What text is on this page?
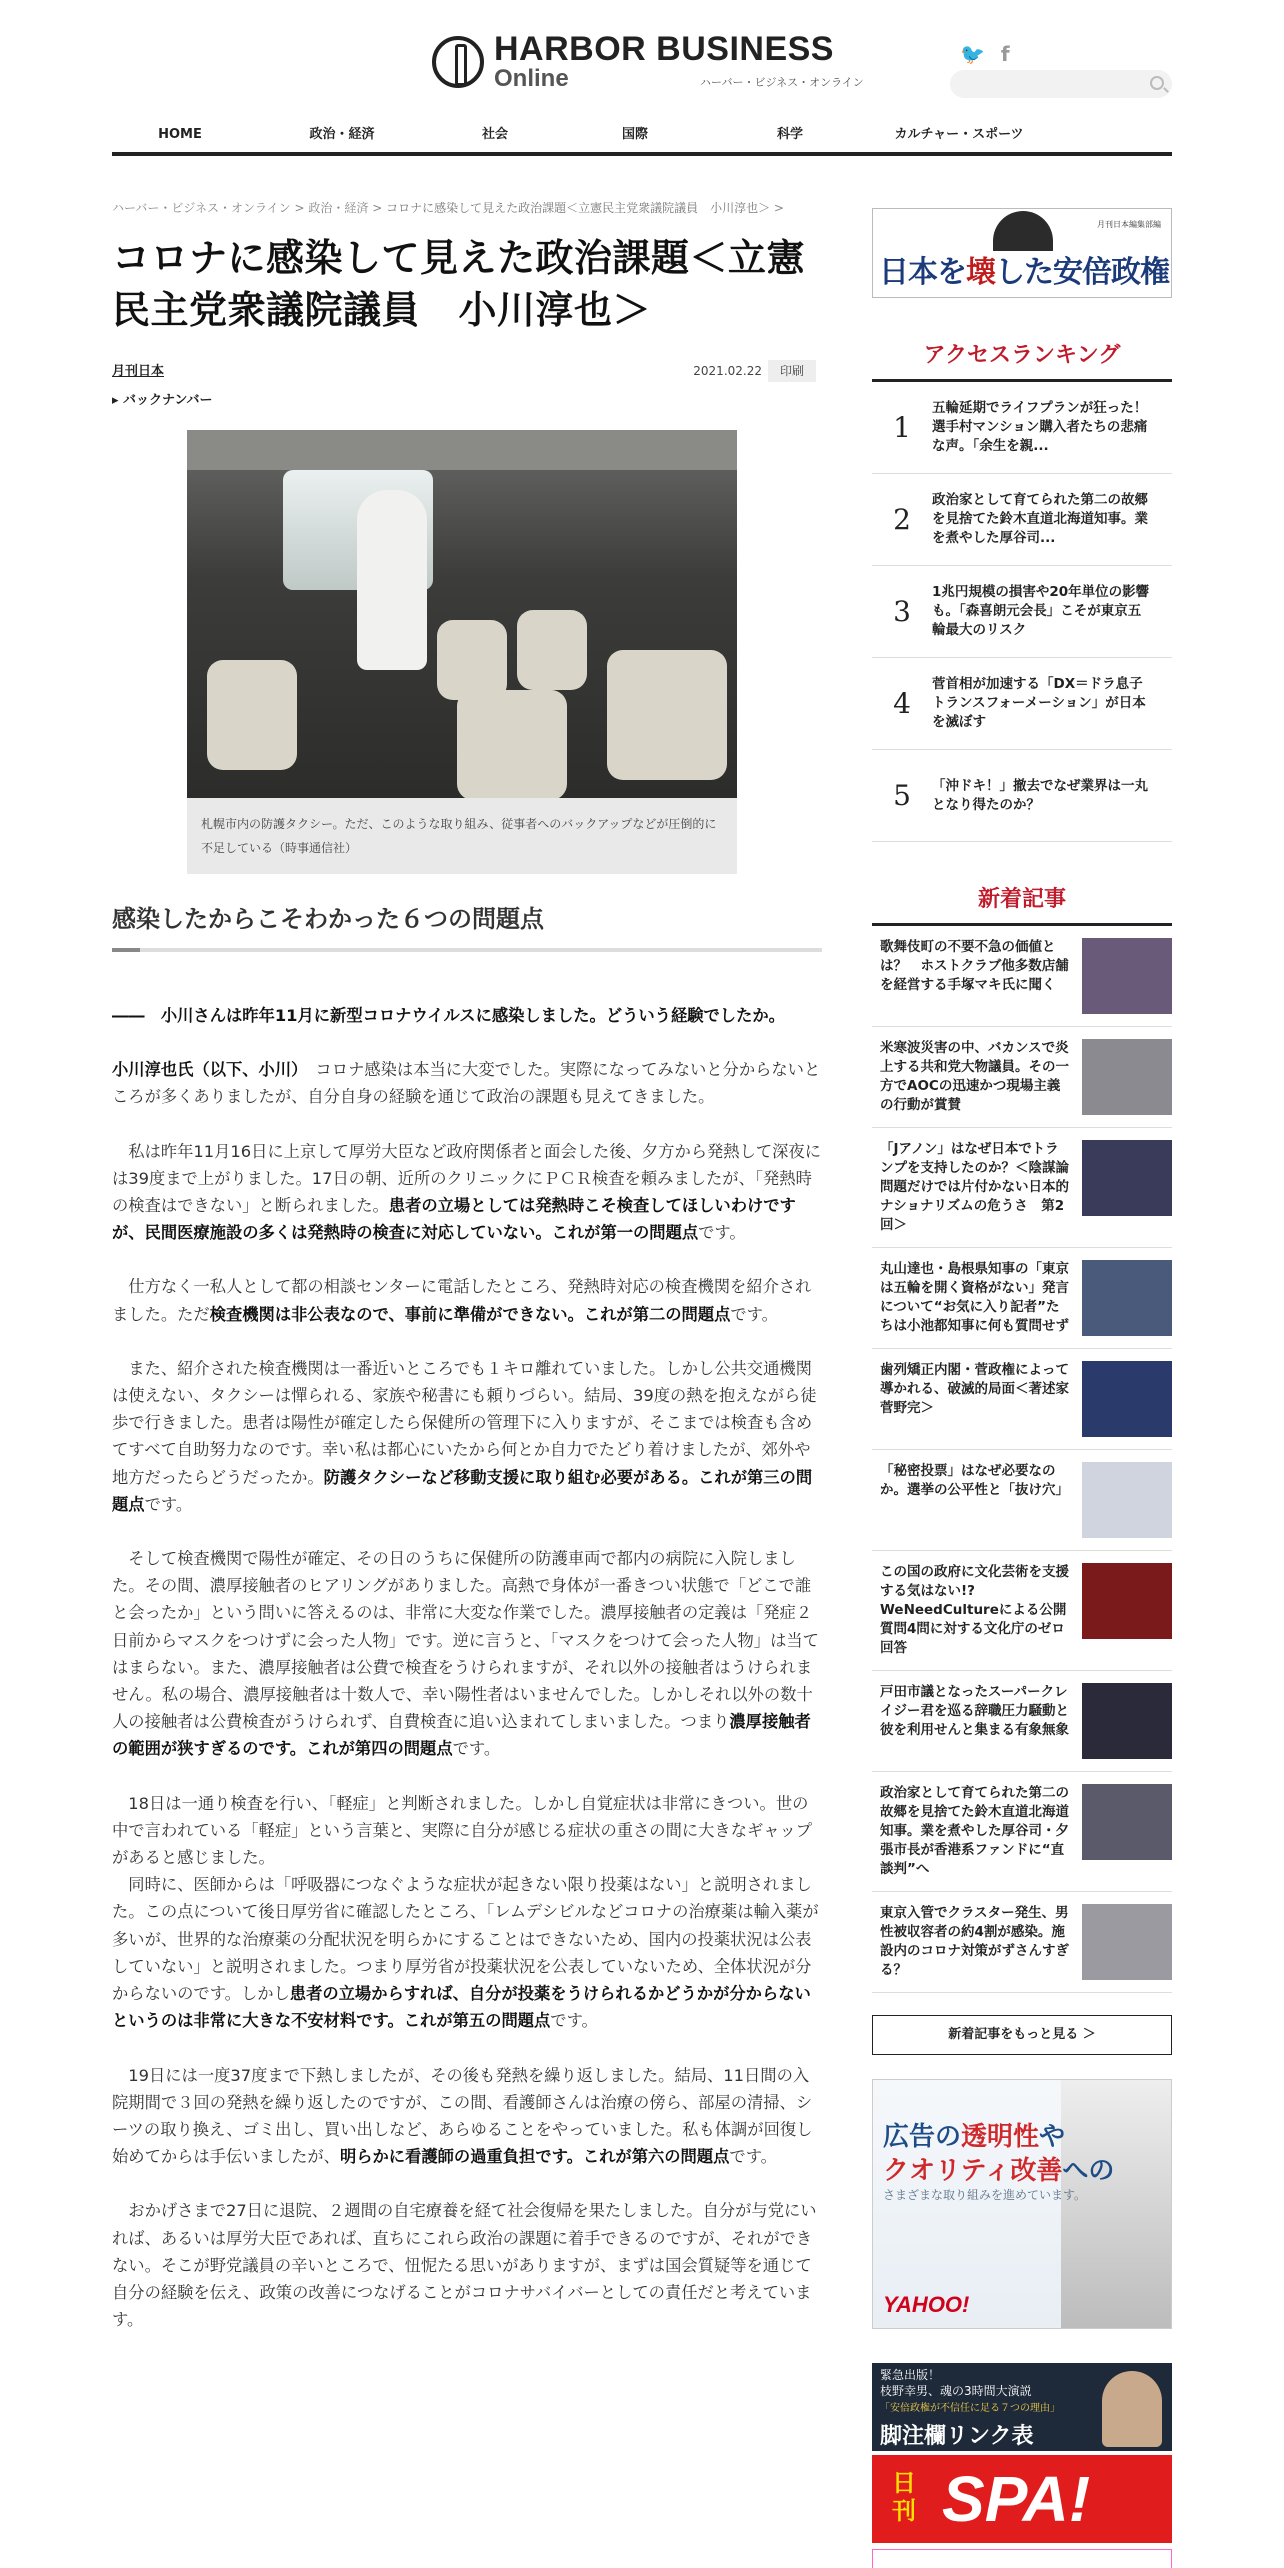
HARBOR BUSINESS
Online	ハーバー・ビジネス・オンライン
🐦 f
HOME	政治・経済	社会	国際	科学	カルチャー・スポーツ
ハーバー・ビジネス・オンライン > 政治・経済 > コロナに感染して見えた政治課題＜立憲民主党衆議院議員　小川淳也＞ >
コロナに感染して見えた政治課題＜立憲民主党衆議院議員　小川淳也＞
月刊日本
▸ バックナンバー
2021.02.22	印刷
札幌市内の防護タクシー。ただ、このような取り組み、従事者へのバックアップなどが圧倒的に不足している（時事通信社）
感染したからこそわかった６つの問題点

――　小川さんは昨年11月に新型コロナウイルスに感染しました。どういう経験でしたか。

小川淳也氏（以下、小川）　コロナ感染は本当に大変でした。実際になってみないと分からないところが多くありましたが、自分自身の経験を通じて政治の課題も見えてきました。

　私は昨年11月16日に上京して厚労大臣など政府関係者と面会した後、夕方から発熱して深夜には39度まで上がりました。17日の朝、近所のクリニックにＰＣＲ検査を頼みましたが、「発熱時の検査はできない」と断られました。患者の立場としては発熱時こそ検査してほしいわけですが、民間医療施設の多くは発熱時の検査に対応していない。これが第一の問題点です。

　仕方なく一私人として都の相談センターに電話したところ、発熱時対応の検査機関を紹介されました。ただ検査機関は非公表なので、事前に準備ができない。これが第二の問題点です。

　また、紹介された検査機関は一番近いところでも１キロ離れていました。しかし公共交通機関は使えない、タクシーは憚られる、家族や秘書にも頼りづらい。結局、39度の熱を抱えながら徒歩で行きました。患者は陽性が確定したら保健所の管理下に入りますが、そこまでは検査も含めてすべて自助努力なのです。幸い私は都心にいたから何とか自力でたどり着けましたが、郊外や地方だったらどうだったか。防護タクシーなど移動支援に取り組む必要がある。これが第三の問題点です。

　そして検査機関で陽性が確定、その日のうちに保健所の防護車両で都内の病院に入院しました。その間、濃厚接触者のヒアリングがありました。高熱で身体が一番きつい状態で「どこで誰と会ったか」という問いに答えるのは、非常に大変な作業でした。濃厚接触者の定義は「発症２日前からマスクをつけずに会った人物」です。逆に言うと、「マスクをつけて会った人物」は当てはまらない。また、濃厚接触者は公費で検査をうけられますが、それ以外の接触者はうけられません。私の場合、濃厚接触者は十数人で、幸い陽性者はいませんでした。しかしそれ以外の数十人の接触者は公費検査がうけられず、自費検査に追い込まれてしまいました。つまり濃厚接触者の範囲が狭すぎるのです。これが第四の問題点です。

　18日は一通り検査を行い、「軽症」と判断されました。しかし自覚症状は非常にきつい。世の中で言われている「軽症」という言葉と、実際に自分が感じる症状の重さの間に大きなギャップがあると感じました。
　同時に、医師からは「呼吸器につなぐような症状が起きない限り投薬はない」と説明されました。この点について後日厚労省に確認したところ、「レムデシビルなどコロナの治療薬は輸入薬が多いが、世界的な治療薬の分配状況を明らかにすることはできないため、国内の投薬状況は公表していない」と説明されました。つまり厚労省が投薬状況を公表していないため、全体状況が分からないのです。しかし患者の立場からすれば、自分が投薬をうけられるかどうかが分からないというのは非常に大きな不安材料です。これが第五の問題点です。

　19日には一度37度まで下熱しましたが、その後も発熱を繰り返しました。結局、11日間の入院期間で３回の発熱を繰り返したのですが、この間、看護師さんは治療の傍ら、部屋の清掃、シーツの取り換え、ゴミ出し、買い出しなど、あらゆることをやっていました。私も体調が回復し始めてからは手伝いましたが、明らかに看護師の過重負担です。これが第六の問題点です。

　おかげさまで27日に退院、２週間の自宅療養を経て社会復帰を果たしました。自分が与党にいれば、あるいは厚労大臣であれば、直ちにこれら政治の課題に着手できるのですが、それができない。そこが野党議員の辛いところで、忸怩たる思いがありますが、まずは国会質疑等を通じて自分の経験を伝え、政策の改善につなげることがコロナサバイバーとしての責任だと考えています。

月刊日本編集部編
日本を壊した安倍政権
アクセスランキング
1
五輪延期でライフプランが狂った！選手村マンション購入者たちの悲痛な声。「余生を親...
2
政治家として育てられた第二の故郷を見捨てた鈴木直道北海道知事。業を煮やした厚谷司...
3
1兆円規模の損害や20年単位の影響も。「森喜朗元会長」こそが東京五輪最大のリスク
4
菅首相が加速する「DX＝ドラ息子トランスフォーメーション」が日本を滅ぼす
5	「沖ドキ！」撤去でなぜ業界は一丸となり得たのか？
新着記事
歌舞伎町の不要不急の価値とは？　ホストクラブ他多数店舗を経営する手塚マキ氏に聞く
米寒波災害の中、バカンスで炎上する共和党大物議員。その一方でAOCの迅速かつ現場主義の行動が賞賛
「Jアノン」はなぜ日本でトランプを支持したのか？＜陰謀論問題だけでは片付かない日本的ナショナリズムの危うさ　第2回＞
丸山達也・島根県知事の「東京は五輪を開く資格がない」発言について“お気に入り記者”たちは小池都知事に何も質問せず
歯列矯正内閣・菅政権によって導かれる、破滅的局面＜著述家　菅野完＞
「秘密投票」はなぜ必要なのか。選挙の公平性と「抜け穴」
この国の政府に文化芸術を支援する気はない!? WeNeedCultureによる公開質問4問に対する文化庁のゼロ回答
戸田市議となったスーパークレイジー君を巡る辞職圧力騒動と彼を利用せんと集まる有象無象
政治家として育てられた第二の故郷を見捨てた鈴木直道北海道知事。業を煮やした厚谷司・夕張市長が香港系ファンドに“直談判”へ
東京入管でクラスター発生、男性被収容者の約4割が感染。施設内のコロナ対策がずさんすぎる？
新着記事をもっと見る ＞
広告の透明性や
クオリティ改善への
さまざまな取り組みを進めています。
YAHOO!
緊急出版！
枝野幸男、魂の3時間大演説
「安倍政権が不信任に足る７つの理由」
脚注欄リンク表
日刊 SPA!
